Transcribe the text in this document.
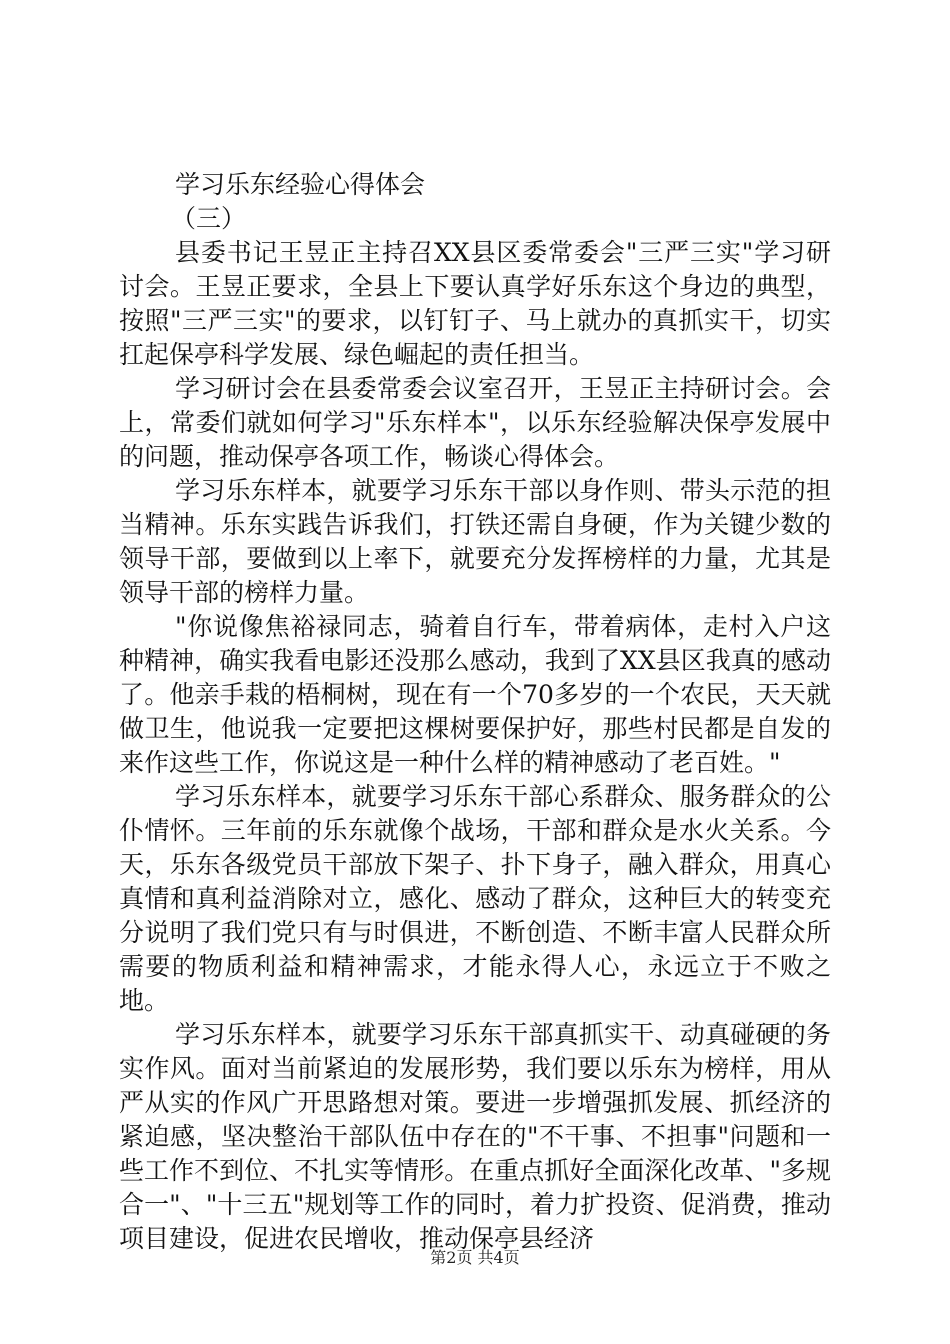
学习乐东经验心得体会

（三）

县委书记王昱正主持召XX县区委常委会"三严三实"学习研讨会。王昱正要求，全县上下要认真学好乐东这个身边的典型，按照"三严三实"的要求，以钉钉子、马上就办的真抓实干，切实扛起保亭科学发展、绿色崛起的责任担当。

学习研讨会在县委常委会议室召开，王昱正主持研讨会。会上，常委们就如何学习"乐东样本"，以乐东经验解决保亭发展中的问题，推动保亭各项工作，畅谈心得体会。

学习乐东样本，就要学习乐东干部以身作则、带头示范的担当精神。乐东实践告诉我们，打铁还需自身硬，作为关键少数的领导干部，要做到以上率下，就要充分发挥榜样的力量，尤其是领导干部的榜样力量。

"你说像焦裕禄同志，骑着自行车，带着病体，走村入户这种精神，确实我看电影还没那么感动，我到了XX县区我真的感动了。他亲手栽的梧桐树，现在有一个70多岁的一个农民，天天就做卫生，他说我一定要把这棵树要保护好，那些村民都是自发的来作这些工作，你说这是一种什么样的精神感动了老百姓。"

学习乐东样本，就要学习乐东干部心系群众、服务群众的公仆情怀。三年前的乐东就像个战场，干部和群众是水火关系。今天，乐东各级党员干部放下架子、扑下身子，融入群众，用真心真情和真利益消除对立，感化、感动了群众，这种巨大的转变充分说明了我们党只有与时俱进，不断创造、不断丰富人民群众所需要的物质利益和精神需求，才能永得人心，永远立于不败之地。

学习乐东样本，就要学习乐东干部真抓实干、动真碰硬的务实作风。面对当前紧迫的发展形势，我们要以乐东为榜样，用从严从实的作风广开思路想对策。要进一步增强抓发展、抓经济的紧迫感，坚决整治干部队伍中存在的"不干事、不担事"问题和一些工作不到位、不扎实等情形。在重点抓好全面深化改革、"多规合一"、"十三五"规划等工作的同时，着力扩投资、促消费，推动项目建设，促进农民增收，推动保亭县经济

第2页 共4页
